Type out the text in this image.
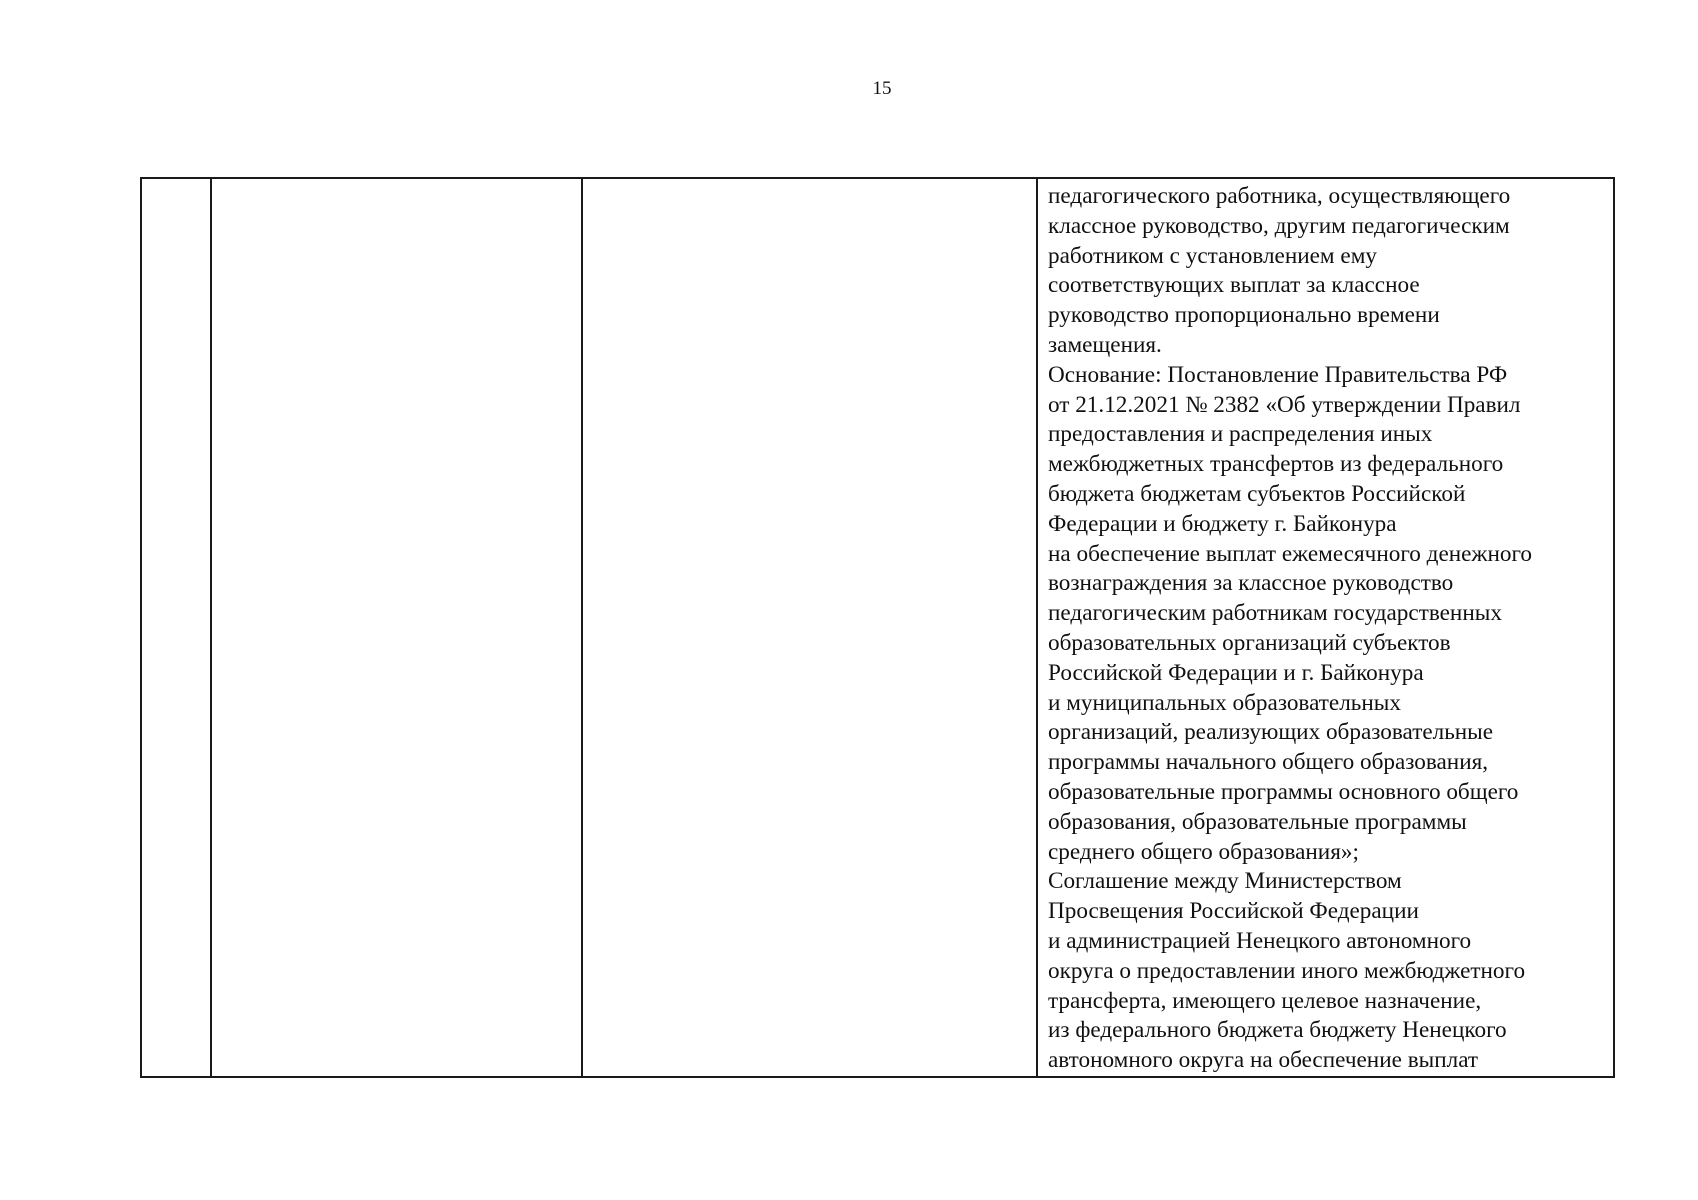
15

педагогического работника, осуществляющего
классное руководство, другим педагогическим
работником с установлением ему
соответствующих выплат за классное
руководство пропорционально времени
замещения.
Основание: Постановление Правительства РФ
от 21.12.2021 № 2382 «Об утверждении Правил
предоставления и распределения иных
межбюджетных трансфертов из федерального
бюджета бюджетам субъектов Российской
Федерации и бюджету г. Байконура
на обеспечение выплат ежемесячного денежного
вознаграждения за классное руководство
педагогическим работникам государственных
образовательных организаций субъектов
Российской Федерации и г. Байконура
и муниципальных образовательных
организаций, реализующих образовательные
программы начального общего образования,
образовательные программы основного общего
образования, образовательные программы
среднего общего образования»;
Соглашение между Министерством
Просвещения Российской Федерации
и администрацией Ненецкого автономного
округа о предоставлении иного межбюджетного
трансферта, имеющего целевое назначение,
из федерального бюджета бюджету Ненецкого
автономного округа на обеспечение выплат
